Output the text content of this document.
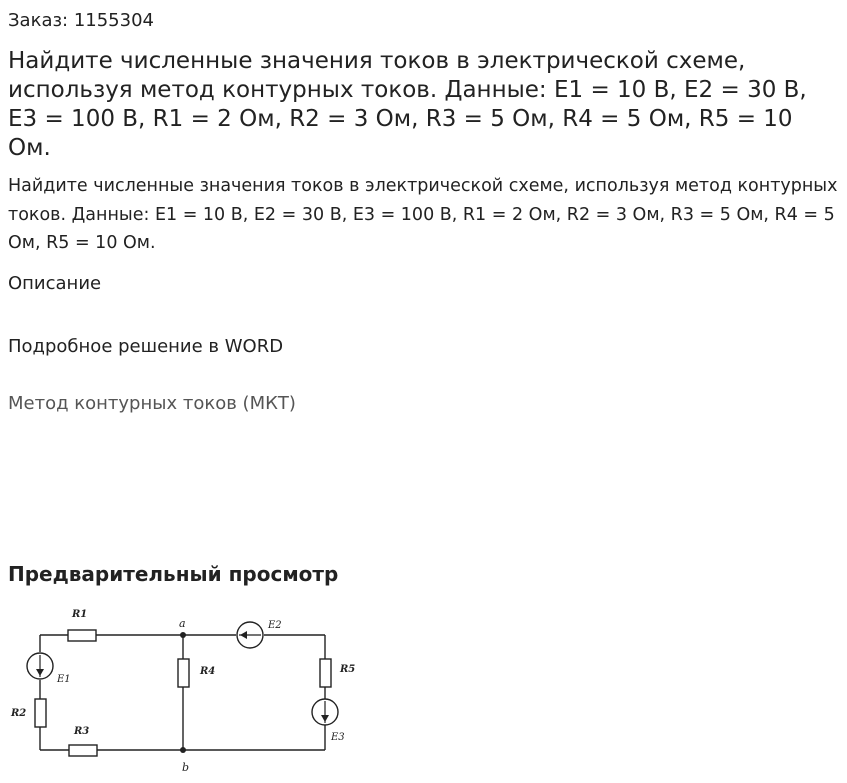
Заказ: 1155304
Найдите численные значения токов в электрической схеме, используя метод контурных токов. Данные: E1 = 10 В, E2 = 30 В, E3 = 100 В, R1 = 2 Ом, R2 = 3 Ом, R3 = 5 Ом, R4 = 5 Ом, R5 = 10 Ом.
Найдите численные значения токов в электрической схеме, используя метод контурных токов. Данные: E1 = 10 В, E2 = 30 В, E3 = 100 В, R1 = 2 Ом, R2 = 3 Ом, R3 = 5 Ом, R4 = 5 Ом, R5 = 10 Ом.
Описание
Подробное решение в WORD
Метод контурных токов (МКТ)
Предварительный просмотр
R1
R2
R3
R4	R5
E1
E2
E3
a
b
